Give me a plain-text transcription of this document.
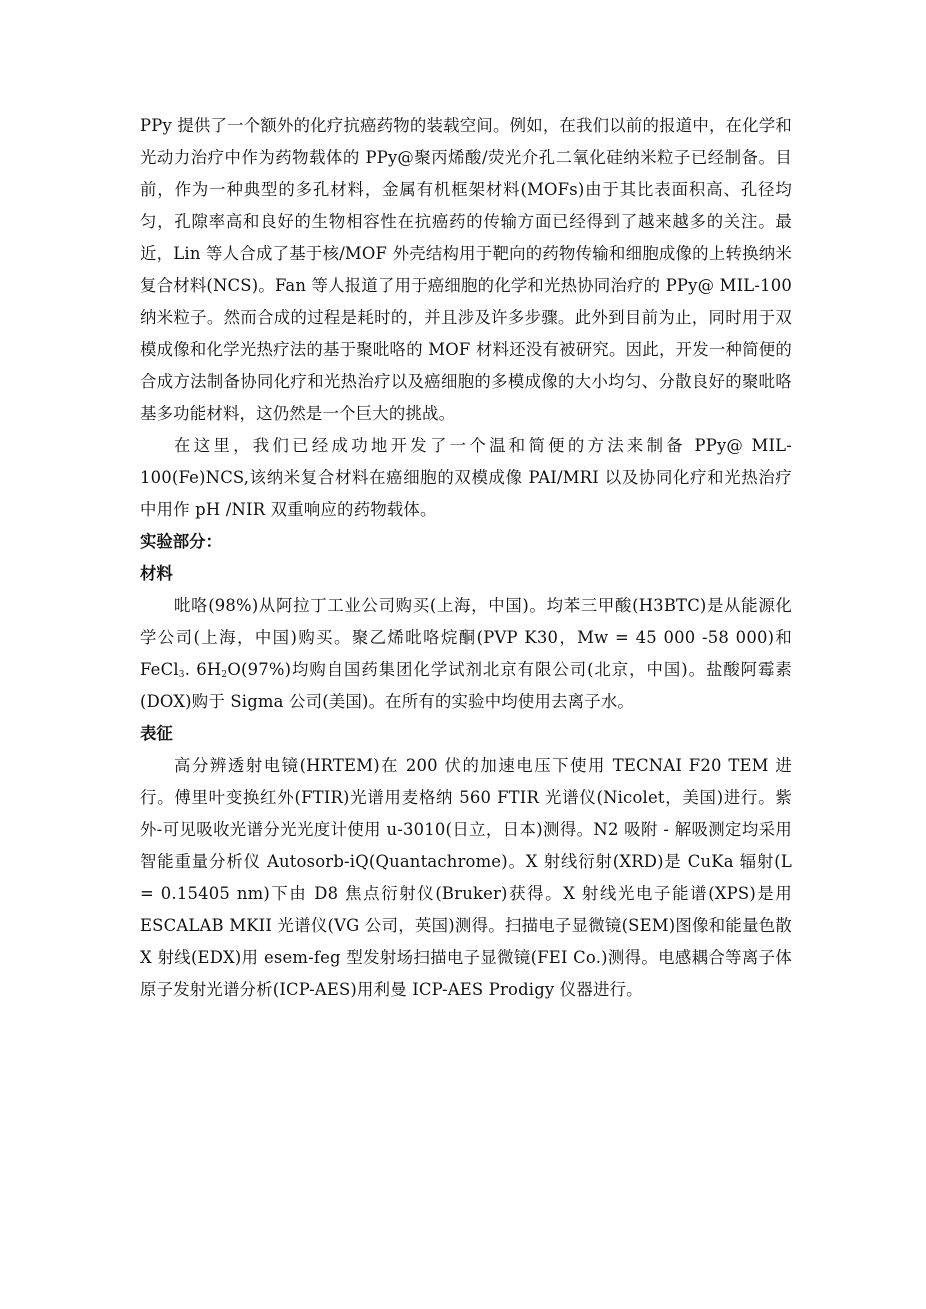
PPy 提供了一个额外的化疗抗癌药物的装载空间。例如，在我们以前的报道中，在化学和光动力治疗中作为药物载体的 PPy@聚丙烯酸/荧光介孔二氧化硅纳米粒子已经制备。目前，作为一种典型的多孔材料，金属有机框架材料(MOFs)由于其比表面积高、孔径均匀，孔隙率高和良好的生物相容性在抗癌药的传输方面已经得到了越来越多的关注。最近，Lin 等人合成了基于核/MOF 外壳结构用于靶向的药物传输和细胞成像的上转换纳米复合材料(NCS)。Fan 等人报道了用于癌细胞的化学和光热协同治疗的 PPy@ MIL-100 纳米粒子。然而合成的过程是耗时的，并且涉及许多步骤。此外到目前为止，同时用于双模成像和化学光热疗法的基于聚吡咯的 MOF 材料还没有被研究。因此，开发一种简便的合成方法制备协同化疗和光热治疗以及癌细胞的多模成像的大小均匀、分散良好的聚吡咯基多功能材料，这仍然是一个巨大的挑战。

在这里，我们已经成功地开发了一个温和简便的方法来制备 PPy@ MIL-100(Fe)NCS,该纳米复合材料在癌细胞的双模成像 PAI/MRI 以及协同化疗和光热治疗中用作 pH /NIR 双重响应的药物载体。

实验部分：
材料

吡咯(98%)从阿拉丁工业公司购买(上海，中国)。均苯三甲酸(H3BTC)是从能源化学公司(上海，中国)购买。聚乙烯吡咯烷酮(PVP K30，Mw = 45 000 -58 000)和 FeCl$_3$. $6H_2O(97\%)$均购自国药集团化学试剂北京有限公司(北京，中国)。盐酸阿霉素(DOX)购于 Sigma 公司(美国)。在所有的实验中均使用去离子水。

表征

高分辨透射电镜(HRTEM)在 200 伏的加速电压下使用 TECNAI F20 TEM 进行。傅里叶变换红外(FTIR)光谱用麦格纳 560 FTIR 光谱仪(Nicolet，美国)进行。紫外-可见吸收光谱分光光度计使用 u-3010(日立，日本)测得。N2 吸附 - 解吸测定均采用智能重量分析仪 Autosorb-iQ(Quantachrome)。X 射线衍射(XRD)是 CuKa 辐射(L = 0.15405 nm)下由 D8 焦点衍射仪(Bruker)获得。X 射线光电子能谱(XPS)是用 ESCALAB MKII 光谱仪(VG 公司，英国)测得。扫描电子显微镜(SEM)图像和能量色散 X 射线(EDX)用 esem-feg 型发射场扫描电子显微镜(FEI Co.)测得。电感耦合等离子体原子发射光谱分析(ICP-AES)用利曼 ICP-AES Prodigy 仪器进行。
